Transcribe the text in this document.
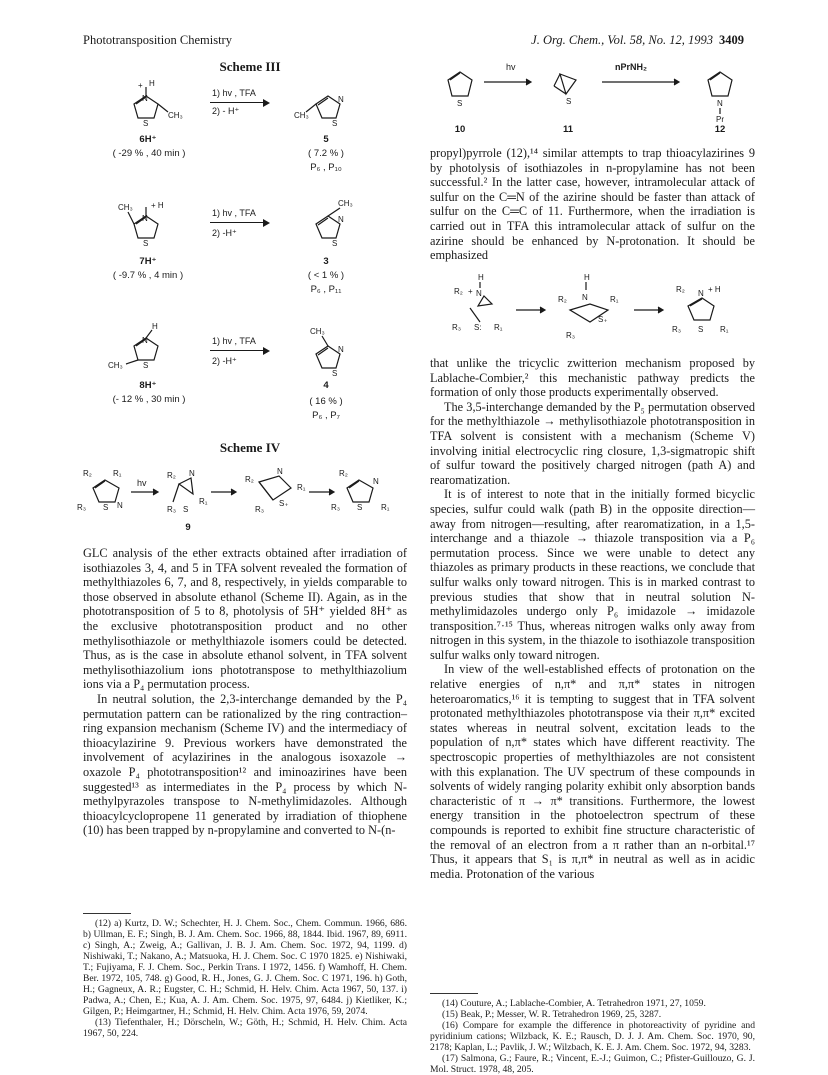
Phototransposition Chemistry	J. Org. Chem., Vol. 58, No. 12, 1993 3409
Scheme III
N
+ H
S
CH₃
1) hv , TFA
2) - H⁺
N
S
CH₃
6H⁺
( -29 % , 40 min )
5
( 7.2 % )
P₆ , P₁₀
N
+ H
S
CH₃
1) hv , TFA
2) -H⁺
N
S
CH₃
7H⁺
( -9.7 % , 4 min )
3
( < 1 % )
P₆ , P₁₁
N
H
S
CH₃
1) hv , TFA
2) -H⁺
N
S
CH₃
8H⁺
(- 12 % , 30 min )
4
( 16 % )
P₆ , P₇
Scheme IV
N
S
R₂	R₁
R₃
N
R₂
R₃
R₁
S
N
R₂
R₃
R₁
S₊
N
S
R₂
R₁
R₃
hv
9
S	S	N
Pr
hv	nPrNH₂
10	11	12
H
R₂ + N
R₃ S: R₁
H
N
R₂	R₁
S₊
R₃
N + H
R₂
R₃ S R₁

GLC analysis of the ether extracts obtained after irradiation of isothiazoles 3, 4, and 5 in TFA solvent revealed the formation of methylthiazoles 6, 7, and 8, respectively, in yields comparable to those observed in absolute ethanol (Scheme II). Again, as in the phototransposition of 5 to 8, photolysis of 5H⁺ yielded 8H⁺ as the exclusive phototransposition product and no other methylisothiazole or methylthiazole isomers could be detected. Thus, as is the case in absolute ethanol solvent, in TFA solvent methylisothiazolium ions phototranspose to methylthiazolium ions via a P₄ permutation process.

In neutral solution, the 2,3-interchange demanded by the P₄ permutation pattern can be rationalized by the ring contraction–ring expansion mechanism (Scheme IV) and the intermediacy of thioacylazirine 9. Previous workers have demonstrated the involvement of acylazirines in the analogous isoxazole → oxazole P₄ phototransposition¹² and iminoazirines have been suggested¹³ as intermediates in the P₄ process by which N-methylpyrazoles transpose to N-methylimidazoles. Although thioacylcyclopropene 11 generated by irradiation of thiophene (10) has been trapped by n-propylamine and converted to N-(n-

propyl)pyrrole (12),¹⁴ similar attempts to trap thioacylazirines 9 by photolysis of isothiazoles in n-propylamine has not been successful.² In the latter case, however, intramolecular attack of sulfur on the C═N of the azirine should be faster than attack of sulfur on the C═C of 11. Furthermore, when the irradiation is carried out in TFA this intramolecular attack of sulfur on the azirine should be enhanced by N-protonation. It should be emphasized

that unlike the tricyclic zwitterion mechanism proposed by Lablache-Combier,² this mechanistic pathway predicts the formation of only those products experimentally observed.

The 3,5-interchange demanded by the P₅ permutation observed for the methylthiazole → methylisothiazole phototransposition in TFA solvent is consistent with a mechanism (Scheme V) involving initial electrocyclic ring closure, 1,3-sigmatropic shift of sulfur toward the positively charged nitrogen (path A) and rearomatization.

It is of interest to note that in the initially formed bicyclic species, sulfur could walk (path B) in the opposite direction—away from nitrogen—resulting, after rearomatization, in a 1,5-interchange and a thiazole → thiazole transposition via a P₆ permutation process. Since we were unable to detect any thiazoles as primary products in these reactions, we conclude that sulfur walks only toward nitrogen. This is in marked contrast to previous studies that show that in neutral solution N-methylimidazoles undergo only P₆ imidazole → imidazole transposition.⁷·¹⁵ Thus, whereas nitrogen walks only away from nitrogen in this system, in the thiazole to isothiazole transposition sulfur walks only toward nitrogen.

In view of the well-established effects of protonation on the relative energies of n,π* and π,π* states in nitrogen heteroaromatics,¹⁶ it is tempting to suggest that in TFA solvent protonated methylthiazoles phototranspose via their π,π* excited states whereas in neutral solvent, excitation leads to the population of n,π* states which have different reactivity. The spectroscopic properties of methylthiazoles are not consistent with this explanation. The UV spectrum of these compounds in solvents of widely ranging polarity exhibit only absorption bands characteristic of π → π* transitions. Furthermore, the lowest energy transition in the photoelectron spectrum of these compounds is reported to exhibit fine structure characteristic of the removal of an electron from a π rather than an n-orbital.¹⁷ Thus, it appears that S₁ is π,π* in neutral as well as in acidic media. Protonation of the various

(12) a) Kurtz, D. W.; Schechter, H. J. Chem. Soc., Chem. Commun. 1966, 686. b) Ullman, E. F.; Singh, B. J. Am. Chem. Soc. 1966, 88, 1844. Ibid. 1967, 89, 6911. c) Singh, A.; Zweig, A.; Gallivan, J. B. J. Am. Chem. Soc. 1972, 94, 1199. d) Nishiwaki, T.; Nakano, A.; Matsuoka, H. J. Chem. Soc. C 1970 1825. e) Nishiwaki, T.; Fujiyama, F. J. Chem. Soc., Perkin Trans. I 1972, 1456. f) Wamhoff, H. Chem. Ber. 1972, 105, 748. g) Good, R. H., Jones, G. J. Chem. Soc. C 1971, 196. h) Goth, H.; Gagneux, A. R.; Eugster, C. H.; Schmid, H. Helv. Chim. Acta 1967, 50, 137. i) Padwa, A.; Chen, E.; Kua, A. J. Am. Chem. Soc. 1975, 97, 6484. j) Kietliker, K.; Gilgen, P.; Heimgartner, H.; Schmid, H. Helv. Chim. Acta 1976, 59, 2074.

(13) Tiefenthaler, H.; Dörscheln, W.; Göth, H.; Schmid, H. Helv. Chim. Acta 1967, 50, 224.

(14) Couture, A.; Lablache-Combier, A. Tetrahedron 1971, 27, 1059.

(15) Beak, P.; Messer, W. R. Tetrahedron 1969, 25, 3287.

(16) Compare for example the difference in photoreactivity of pyridine and pyridinium cations; Wilzback, K. E.; Rausch, D. J. J. Am. Chem. Soc. 1970, 90, 2178; Kaplan, L.; Pavlik, J. W.; Wilzbach, K. E. J. Am. Chem. Soc. 1972, 94, 3283.

(17) Salmona, G.; Faure, R.; Vincent, E.-J.; Guimon, C.; Pfister-Guillouzo, G. J. Mol. Struct. 1978, 48, 205.
